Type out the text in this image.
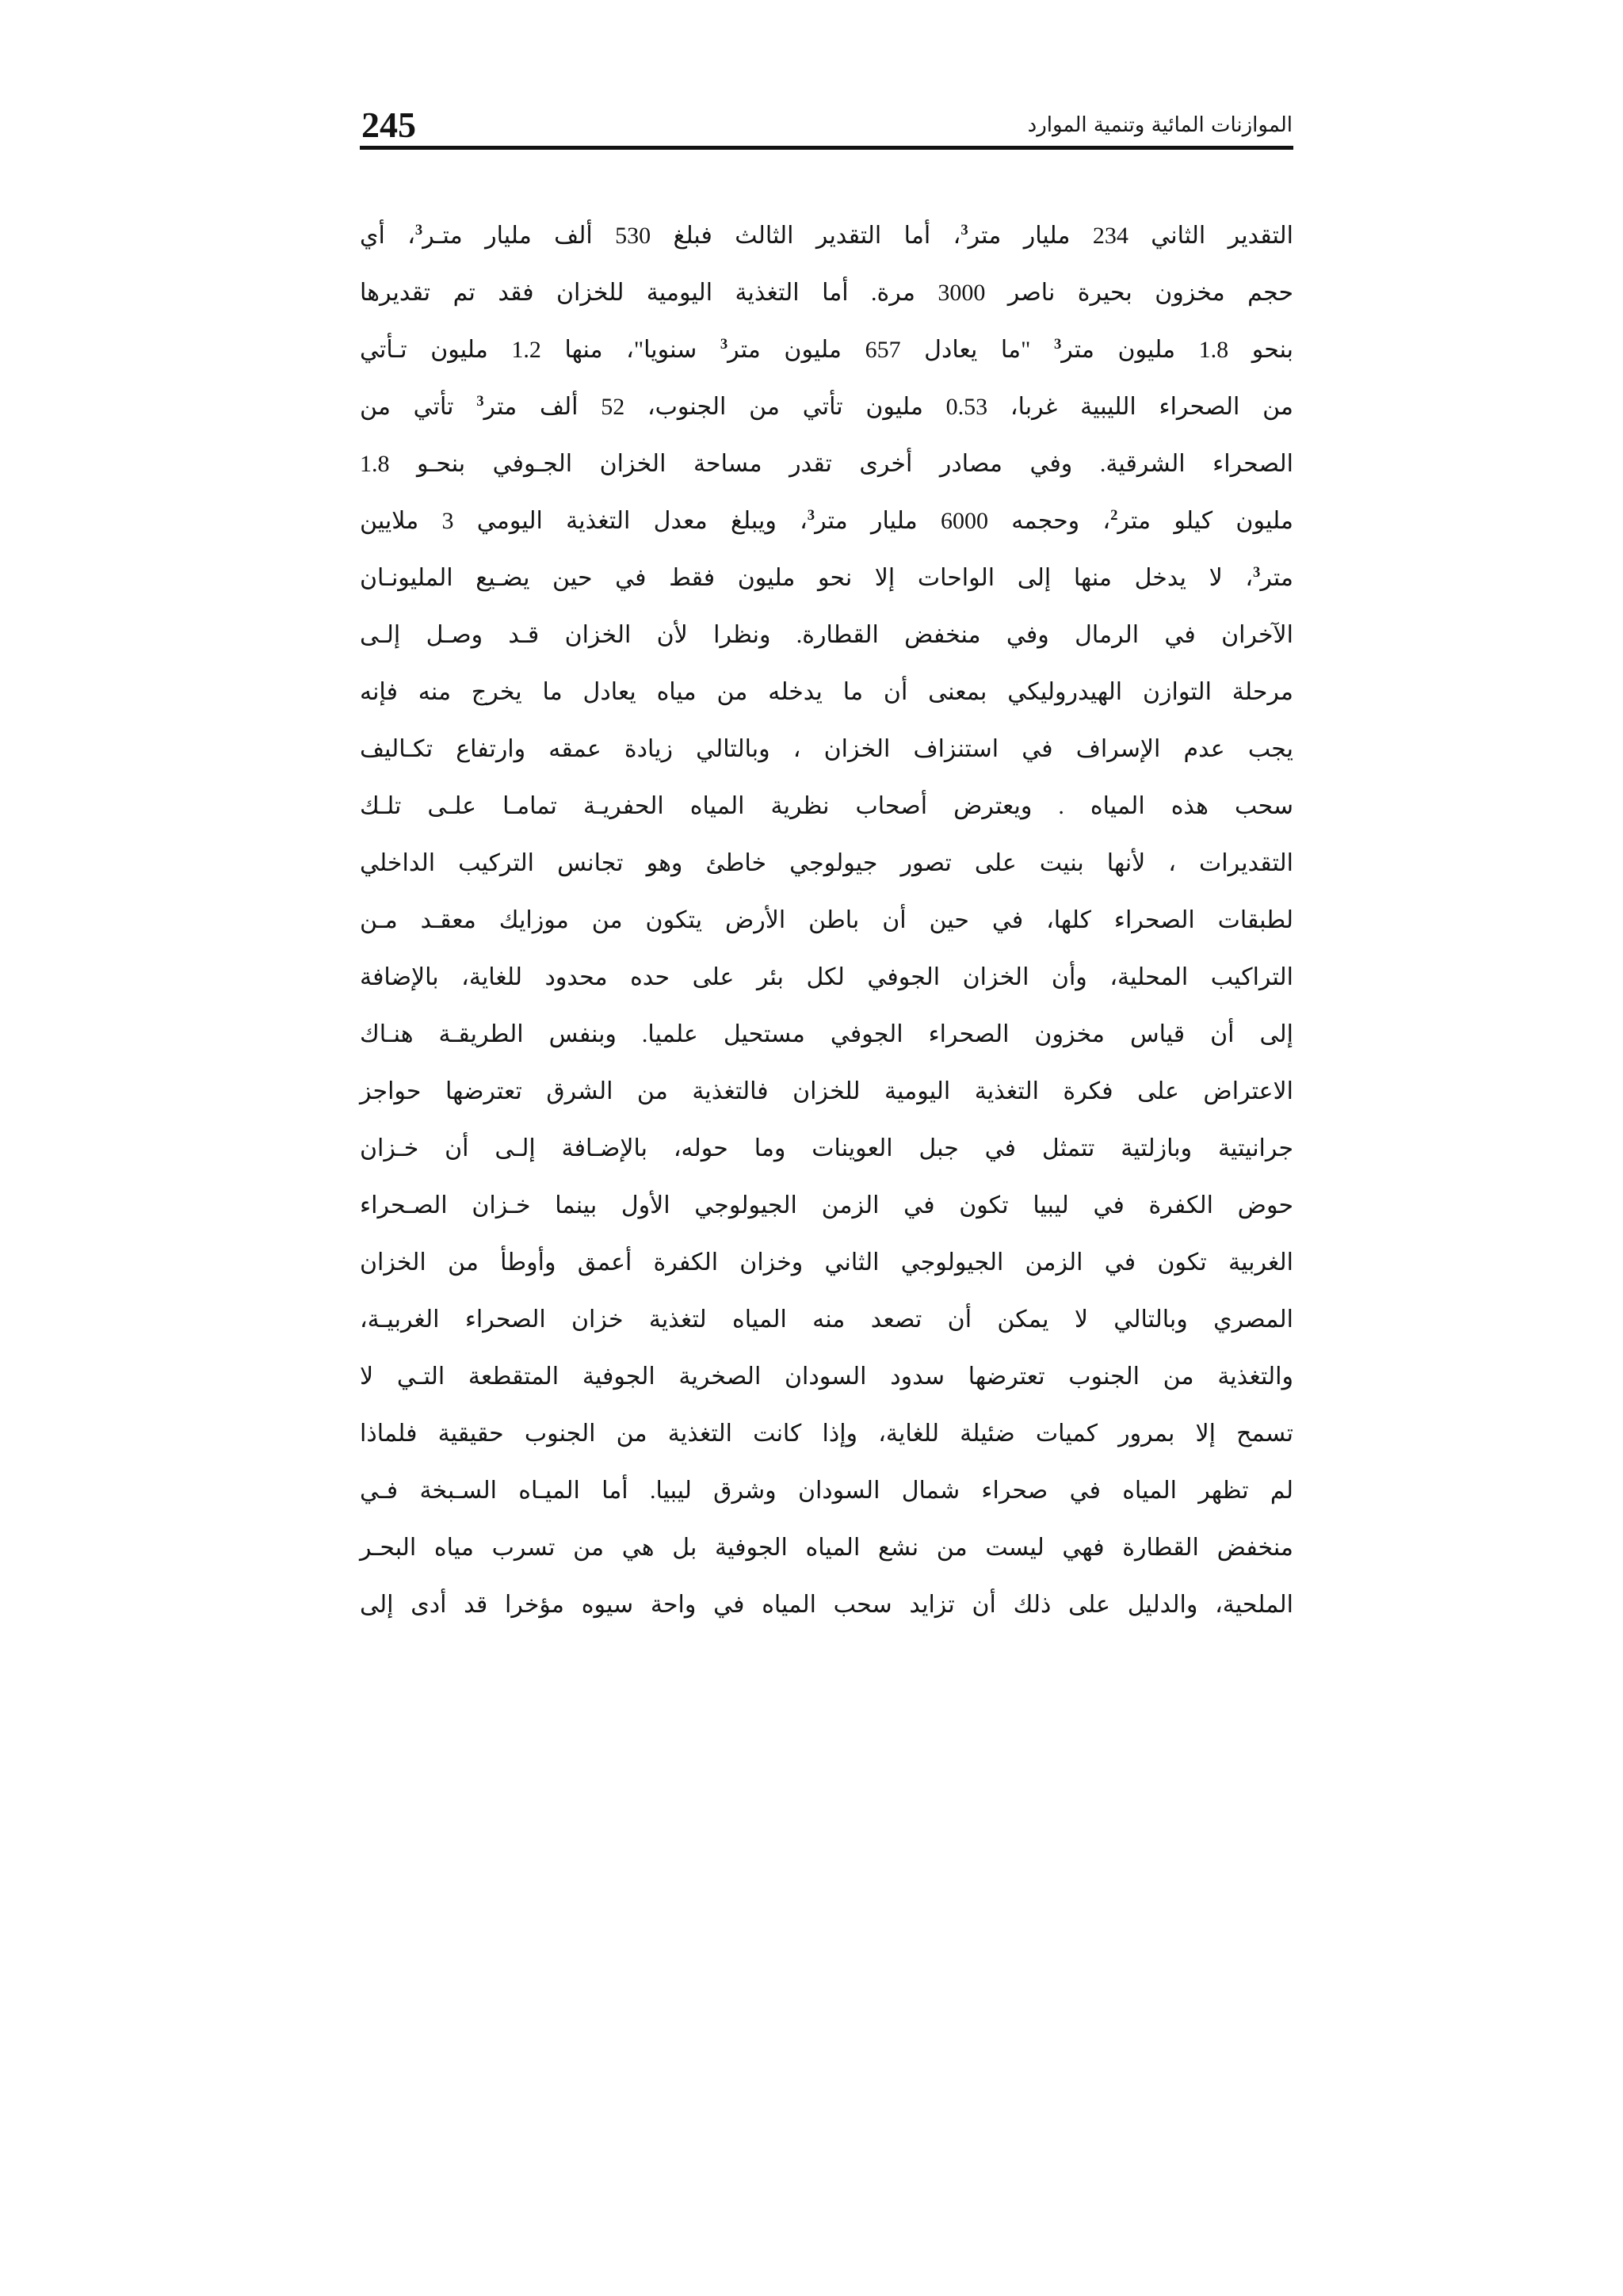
الموازنات المائية وتنمية الموارد
245
التقدير الثاني 234 مليار متر$^3$، أما التقدير الثالث فبلغ 530 ألف مليار متـر$^3$، أي
حجم مخزون بحيرة ناصر 3000 مرة. أما التغذية اليومية للخزان فقد تم تقديرها
بنحو 1.8 مليون متر$^3$ "ما يعادل 657 مليون متر$^3$ سنويا"، منها 1.2 مليون تـأتي
من الصحراء الليبية غربا، 0.53 مليون تأتي من الجنوب، 52 ألف متر$^3$ تأتي من
الصحراء الشرقية. وفي مصادر أخرى تقدر مساحة الخزان الجـوفي بنحـو 1.8
مليون كيلو متر$^2$، وحجمه 6000 مليار متر$^3$، ويبلغ معدل التغذية اليومي 3 ملايين
متر$^3$، لا يدخل منها إلى الواحات إلا نحو مليون فقط في حين يضـيع المليونـان
الآخران في الرمال وفي منخفض القطارة. ونظرا لأن الخزان قـد وصـل إلـى
مرحلة التوازن الهيدروليكي بمعنى أن ما يدخله من مياه يعادل ما يخرج منه فإنه
يجب عدم الإسراف في استنزاف الخزان ، وبالتالي زيادة عمقه وارتفاع تكـاليف
سحب هذه المياه . ويعترض أصحاب نظرية المياه الحفريـة تمامـا علـى تلـك
التقديرات ، لأنها بنيت على تصور جيولوجي خاطئ وهو تجانس التركيب الداخلي
لطبقات الصحراء كلها، في حين أن باطن الأرض يتكون من موزايك معقـد مـن
التراكيب المحلية، وأن الخزان الجوفي لكل بئر على حده محدود للغاية، بالإضافة
إلى أن قياس مخزون الصحراء الجوفي مستحيل علميا. وبنفس الطريقـة هنـاك
الاعتراض على فكرة التغذية اليومية للخزان فالتغذية من الشرق تعترضها حواجز
جرانيتية وبازلتية تتمثل في جبل العوينات وما حوله، بالإضـافة إلـى أن خـزان
حوض الكفرة في ليبيا تكون في الزمن الجيولوجي الأول بينما خـزان الصـحراء
الغربية تكون في الزمن الجيولوجي الثاني وخزان الكفرة أعمق وأوطأ من الخزان
المصري وبالتالي لا يمكن أن تصعد منه المياه لتغذية خزان الصحراء الغربيـة،
والتغذية من الجنوب تعترضها سدود السودان الصخرية الجوفية المتقطعة التـي لا
تسمح إلا بمرور كميات ضئيلة للغاية، وإذا كانت التغذية من الجنوب حقيقية فلماذا
لم تظهر المياه في صحراء شمال السودان وشرق ليبيا. أما الميـاه السـبخة فـي
منخفض القطارة فهي ليست من نشع المياه الجوفية بل هي من تسرب مياه البحـر
الملحية، والدليل على ذلك أن تزايد سحب المياه في واحة سيوه مؤخرا قد أدى إلى
